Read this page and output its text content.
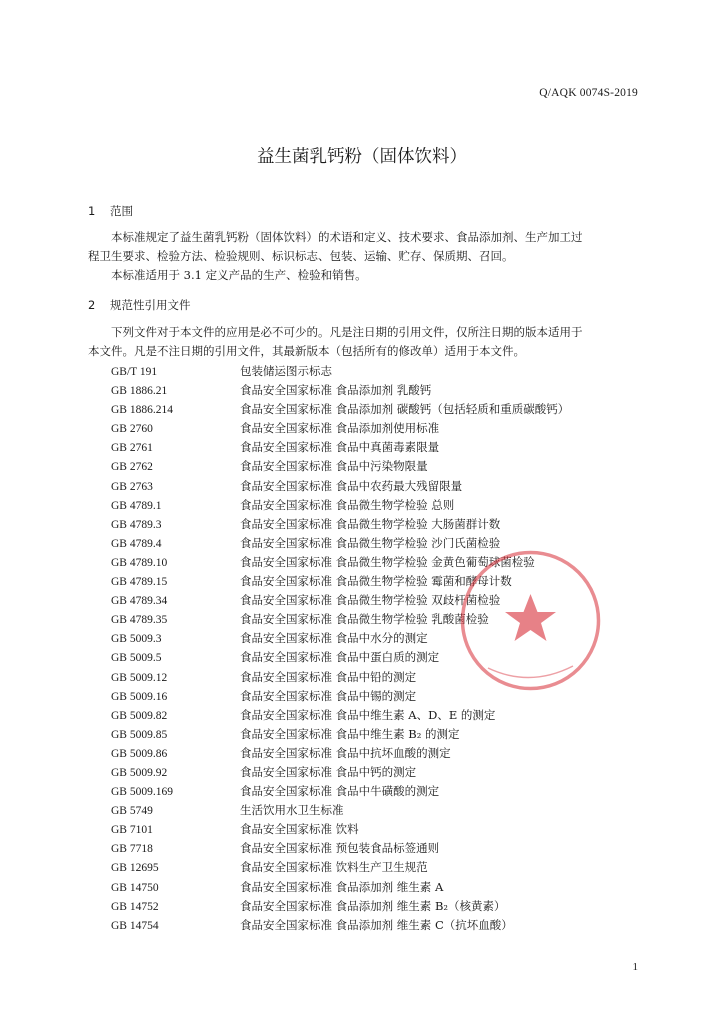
Q/AQK 0074S-2019
益生菌乳钙粉（固体饮料）
1 范围

本标准规定了益生菌乳钙粉（固体饮料）的术语和定义、技术要求、食品添加剂、生产加工过

程卫生要求、检验方法、检验规则、标识标志、包装、运输、贮存、保质期、召回。

本标准适用于 3.1 定义产品的生产、检验和销售。

2 规范性引用文件

下列文件对于本文件的应用是必不可少的。凡是注日期的引用文件，仅所注日期的版本适用于

本文件。凡是不注日期的引用文件，其最新版本（包括所有的修改单）适用于本文件。

GB/T 191	包装储运图示标志
GB 1886.21	食品安全国家标准 食品添加剂 乳酸钙
GB 1886.214	食品安全国家标准 食品添加剂 碳酸钙（包括轻质和重质碳酸钙）
GB 2760	食品安全国家标准 食品添加剂使用标准
GB 2761	食品安全国家标准 食品中真菌毒素限量
GB 2762	食品安全国家标准 食品中污染物限量
GB 2763	食品安全国家标准 食品中农药最大残留限量
GB 4789.1	食品安全国家标准 食品微生物学检验 总则
GB 4789.3	食品安全国家标准 食品微生物学检验 大肠菌群计数
GB 4789.4	食品安全国家标准 食品微生物学检验 沙门氏菌检验
GB 4789.10	食品安全国家标准 食品微生物学检验 金黄色葡萄球菌检验
GB 4789.15	食品安全国家标准 食品微生物学检验 霉菌和酵母计数
GB 4789.34	食品安全国家标准 食品微生物学检验 双歧杆菌检验
GB 4789.35	食品安全国家标准 食品微生物学检验 乳酸菌检验
GB 5009.3	食品安全国家标准 食品中水分的测定
GB 5009.5	食品安全国家标准 食品中蛋白质的测定
GB 5009.12	食品安全国家标准 食品中铅的测定
GB 5009.16	食品安全国家标准 食品中锡的测定
GB 5009.82	食品安全国家标准 食品中维生素 A、D、E 的测定
GB 5009.85	食品安全国家标准 食品中维生素 B₂ 的测定
GB 5009.86	食品安全国家标准 食品中抗坏血酸的测定
GB 5009.92	食品安全国家标准 食品中钙的测定
GB 5009.169	食品安全国家标准 食品中牛磺酸的测定
GB 5749	生活饮用水卫生标准
GB 7101	食品安全国家标准 饮料
GB 7718	食品安全国家标准 预包装食品标签通则
GB 12695	食品安全国家标准 饮料生产卫生规范
GB 14750	食品安全国家标准 食品添加剂 维生素 A
GB 14752	食品安全国家标准 食品添加剂 维生素 B₂（核黄素）
GB 14754	食品安全国家标准 食品添加剂 维生素 C（抗坏血酸）
1
